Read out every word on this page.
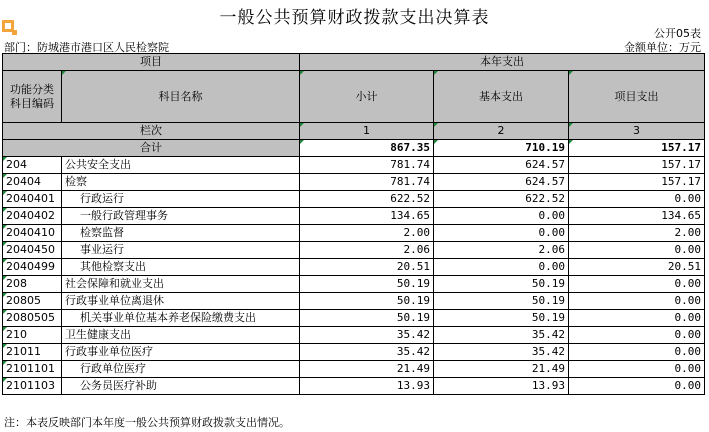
一般公共预算财政拨款支出决算表
公开05表
部门：防城港市港口区人民检察院	金额单位：万元
项目		本年支出		
功能分类科目编码	科目名称	小计	基本支出	项目支出
栏次		1	2	3
合计		867.35	710.19	157.17
204	公共安全支出	781.74	624.57	157.17
20404	检察	781.74	624.57	157.17
2040401	行政运行	622.52	622.52	0.00
2040402	一般行政管理事务	134.65	0.00	134.65
2040410	检察监督	2.00	0.00	2.00
2040450	事业运行	2.06	2.06	0.00
2040499	其他检察支出	20.51	0.00	20.51
208	社会保障和就业支出	50.19	50.19	0.00
20805	行政事业单位离退休	50.19	50.19	0.00
2080505	机关事业单位基本养老保险缴费支出	50.19	50.19	0.00
210	卫生健康支出	35.42	35.42	0.00
21011	行政事业单位医疗	35.42	35.42	0.00
2101101	行政单位医疗	21.49	21.49	0.00
2101103	公务员医疗补助	13.93	13.93	0.00
注：本表反映部门本年度一般公共预算财政拨款支出情况。
